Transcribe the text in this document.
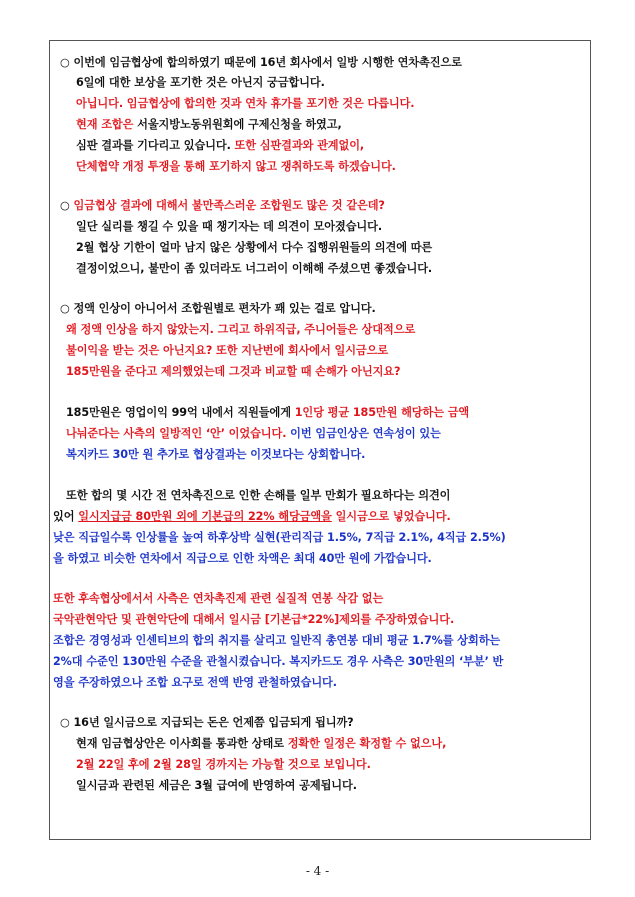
○ 이번에 임금협상에 합의하였기 때문에 16년 회사에서 일방 시행한 연차촉진으로
6일에 대한 보상을 포기한 것은 아닌지 궁금합니다.
아닙니다. 임금협상에 합의한 것과 연차 휴가를 포기한 것은 다릅니다.
현재 조합은 서울지방노동위원회에 구제신청을 하였고,
심판 결과를 기다리고 있습니다. 또한 심판결과와 관계없이,
단체협약 개정 투쟁을 통해 포기하지 않고 쟁취하도록 하겠습니다.
○ 임금협상 결과에 대해서 불만족스러운 조합원도 많은 것 같은데?
일단 실리를 챙길 수 있을 때 챙기자는 데 의견이 모아졌습니다.
2월 협상 기한이 얼마 남지 않은 상황에서 다수 집행위원들의 의견에 따른
결정이었으니, 불만이 좀 있더라도 너그러이 이해해 주셨으면 좋겠습니다.
○ 정액 인상이 아니어서 조합원별로 편차가 꽤 있는 걸로 압니다.
왜 정액 인상을 하지 않았는지. 그리고 하위직급, 주니어들은 상대적으로
불이익을 받는 것은 아닌지요? 또한 지난번에 회사에서 일시금으로
185만원을 준다고 제의했었는데 그것과 비교할 때 손해가 아닌지요?
185만원은 영업이익 99억 내에서 직원들에게 1인당 평균 185만원 해당하는 금액
나눠준다는 사측의 일방적인 ‘안’ 이었습니다. 이번 임금인상은 연속성이 있는
복지카드 30만 원 추가로 협상결과는 이것보다는 상회합니다.
또한 합의 몇 시간 전 연차촉진으로 인한 손해를 일부 만회가 필요하다는 의견이
있어 일시지급금 80만원 외에 기본급의 22% 해당금액을 일시금으로 넣었습니다.
낮은 직급일수록 인상률을 높여 하후상박 실현(관리직급 1.5%, 7직급 2.1%, 4직급 2.5%)
을 하였고 비슷한 연차에서 직급으로 인한 차액은 최대 40만 원에 가깝습니다.
또한 후속협상에서서 사측은 연차촉진제 관련 실질적 연봉 삭감 없는
국악관현악단 및 관현악단에 대해서 일시금 [기본급*22%]제외를 주장하였습니다.
조합은 경영성과 인센티브의 합의 취지를 살리고 일반직 총연봉 대비 평균 1.7%를 상회하는
2%대 수준인 130만원 수준을 관철시켰습니다. 복지카드도 경우 사측은 30만원의 ‘부분’ 반
영을 주장하였으나 조합 요구로 전액 반영 관철하였습니다.
○ 16년 일시금으로 지급되는 돈은 언제쯤 입금되게 됩니까?
현재 임금협상안은 이사회를 통과한 상태로 정확한 일정은 확정할 수 없으나,
2월 22일 후에 2월 28일 경까지는 가능할 것으로 보입니다.
일시금과 관련된 세금은 3월 급여에 반영하여 공제됩니다.
- 4 -
